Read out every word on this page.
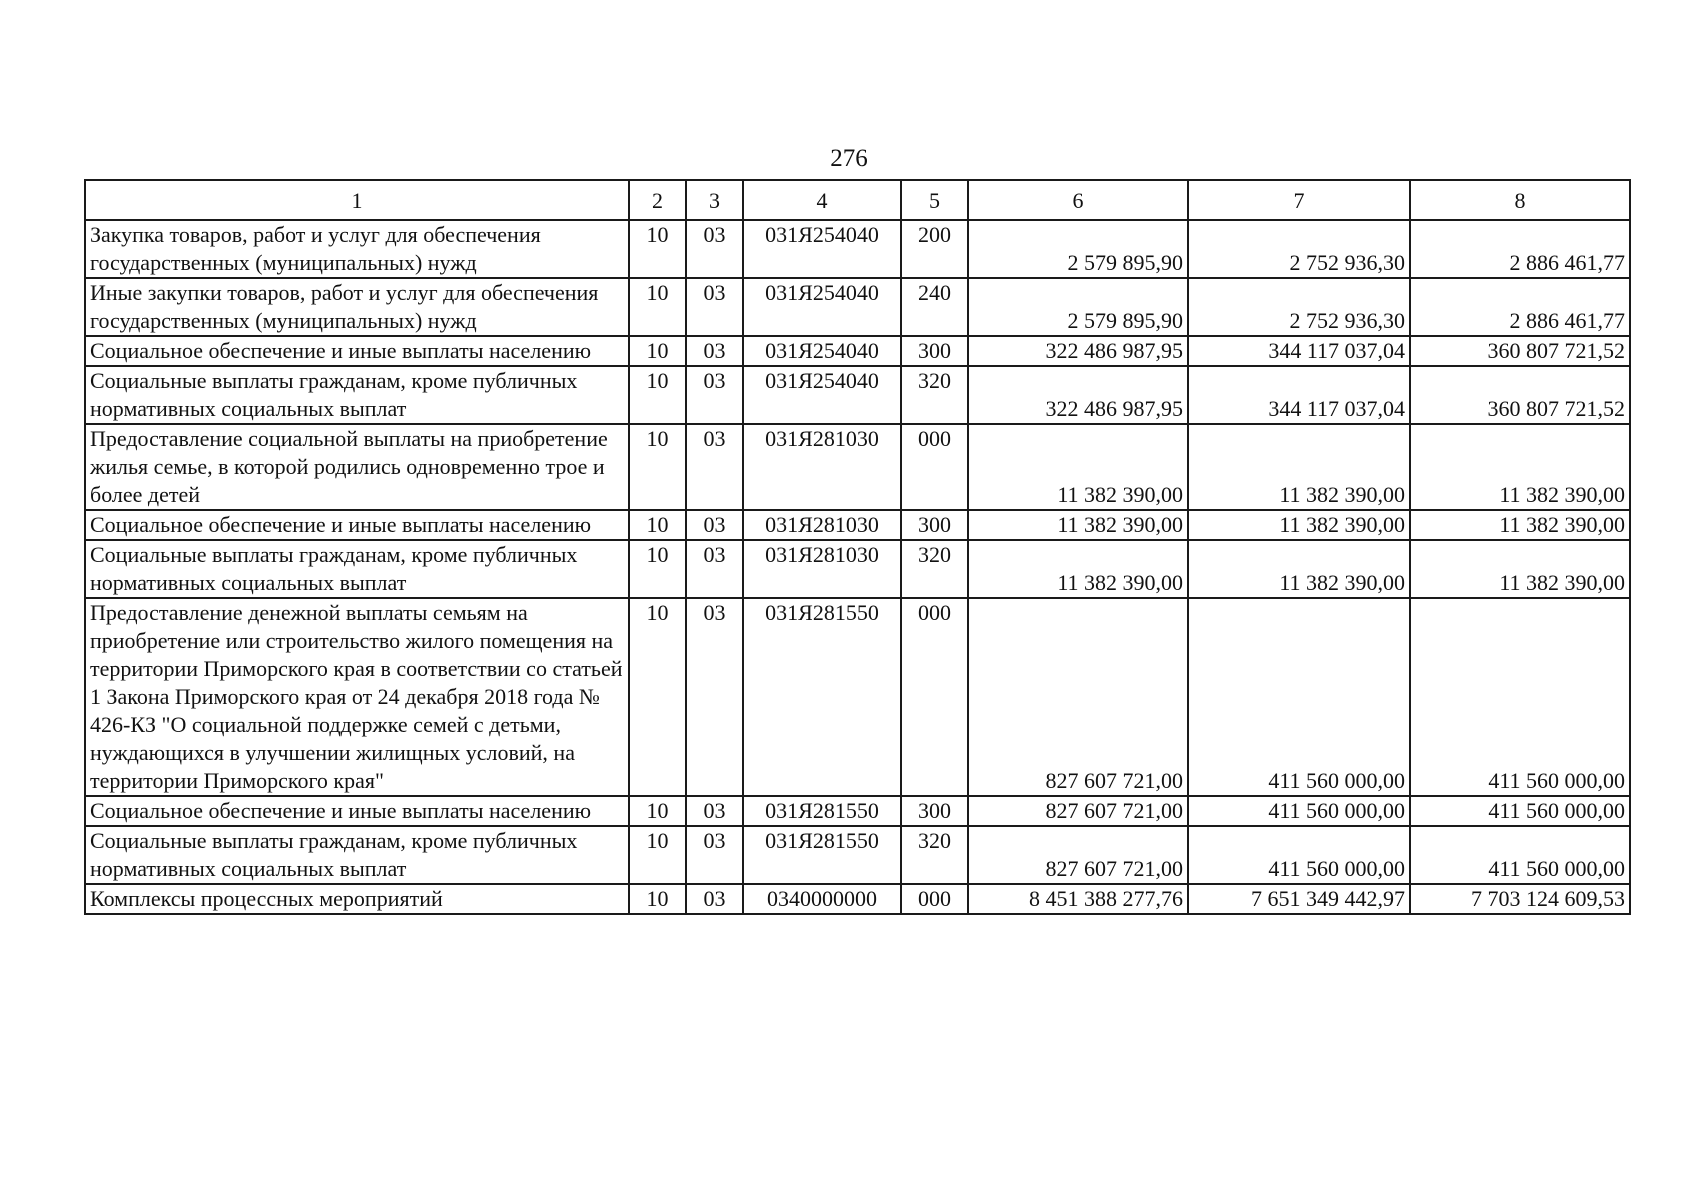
276
1	2	3	4	5	6	7	8
Закупка товаров, работ и услуг для обеспечения государственных (муниципальных) нужд	10	03	031Я254040	200	2 579 895,90	2 752 936,30	2 886 461,77
Иные закупки товаров, работ и услуг для обеспечения государственных (муниципальных) нужд	10	03	031Я254040	240	2 579 895,90	2 752 936,30	2 886 461,77
Социальное обеспечение и иные выплаты населению	10	03	031Я254040	300	322 486 987,95	344 117 037,04	360 807 721,52
Социальные выплаты гражданам, кроме публичных нормативных социальных выплат	10	03	031Я254040	320	322 486 987,95	344 117 037,04	360 807 721,52
Предоставление социальной выплаты на приобретение жилья семье, в которой родились одновременно трое и более детей	10	03	031Я281030	000	11 382 390,00	11 382 390,00	11 382 390,00
Социальное обеспечение и иные выплаты населению	10	03	031Я281030	300	11 382 390,00	11 382 390,00	11 382 390,00
Социальные выплаты гражданам, кроме публичных нормативных социальных выплат	10	03	031Я281030	320	11 382 390,00	11 382 390,00	11 382 390,00
Предоставление денежной выплаты семьям на приобретение или строительство жилого помещения на территории Приморского края в соответствии со статьей 1 Закона Приморского края от 24 декабря 2018 года № 426-КЗ "О социальной поддержке семей с детьми, нуждающихся в улучшении жилищных условий, на территории Приморского края"	10	03	031Я281550	000	827 607 721,00	411 560 000,00	411 560 000,00
Социальное обеспечение и иные выплаты населению	10	03	031Я281550	300	827 607 721,00	411 560 000,00	411 560 000,00
Социальные выплаты гражданам, кроме публичных нормативных социальных выплат	10	03	031Я281550	320	827 607 721,00	411 560 000,00	411 560 000,00
Комплексы процессных мероприятий	10	03	0340000000	000	8 451 388 277,76	7 651 349 442,97	7 703 124 609,53
